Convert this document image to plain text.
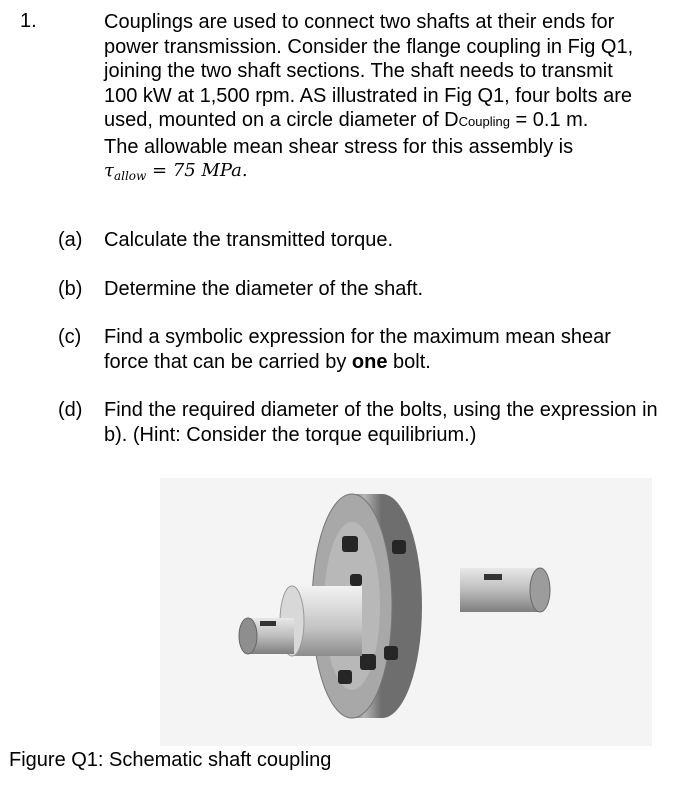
1.	Couplings are used to connect two shafts at their ends for
power transmission. Consider the flange coupling in Fig Q1,
joining the two shaft sections. The shaft needs to transmit
100 kW at 1,500 rpm. AS illustrated in Fig Q1, four bolts are
used, mounted on a circle diameter of DCoupling = 0.1 m.
The allowable mean shear stress for this assembly is
$\tau_{allow} = 75$ MPa.
(a) Calculate the transmitted torque.
(b) Determine the diameter of the shaft.
(c) Find a symbolic expression for the maximum mean shear force that can be carried by one bolt.
(d) Find the required diameter of the bolts, using the expression in b). (Hint: Consider the torque equilibrium.)
Figure Q1: Schematic shaft coupling
